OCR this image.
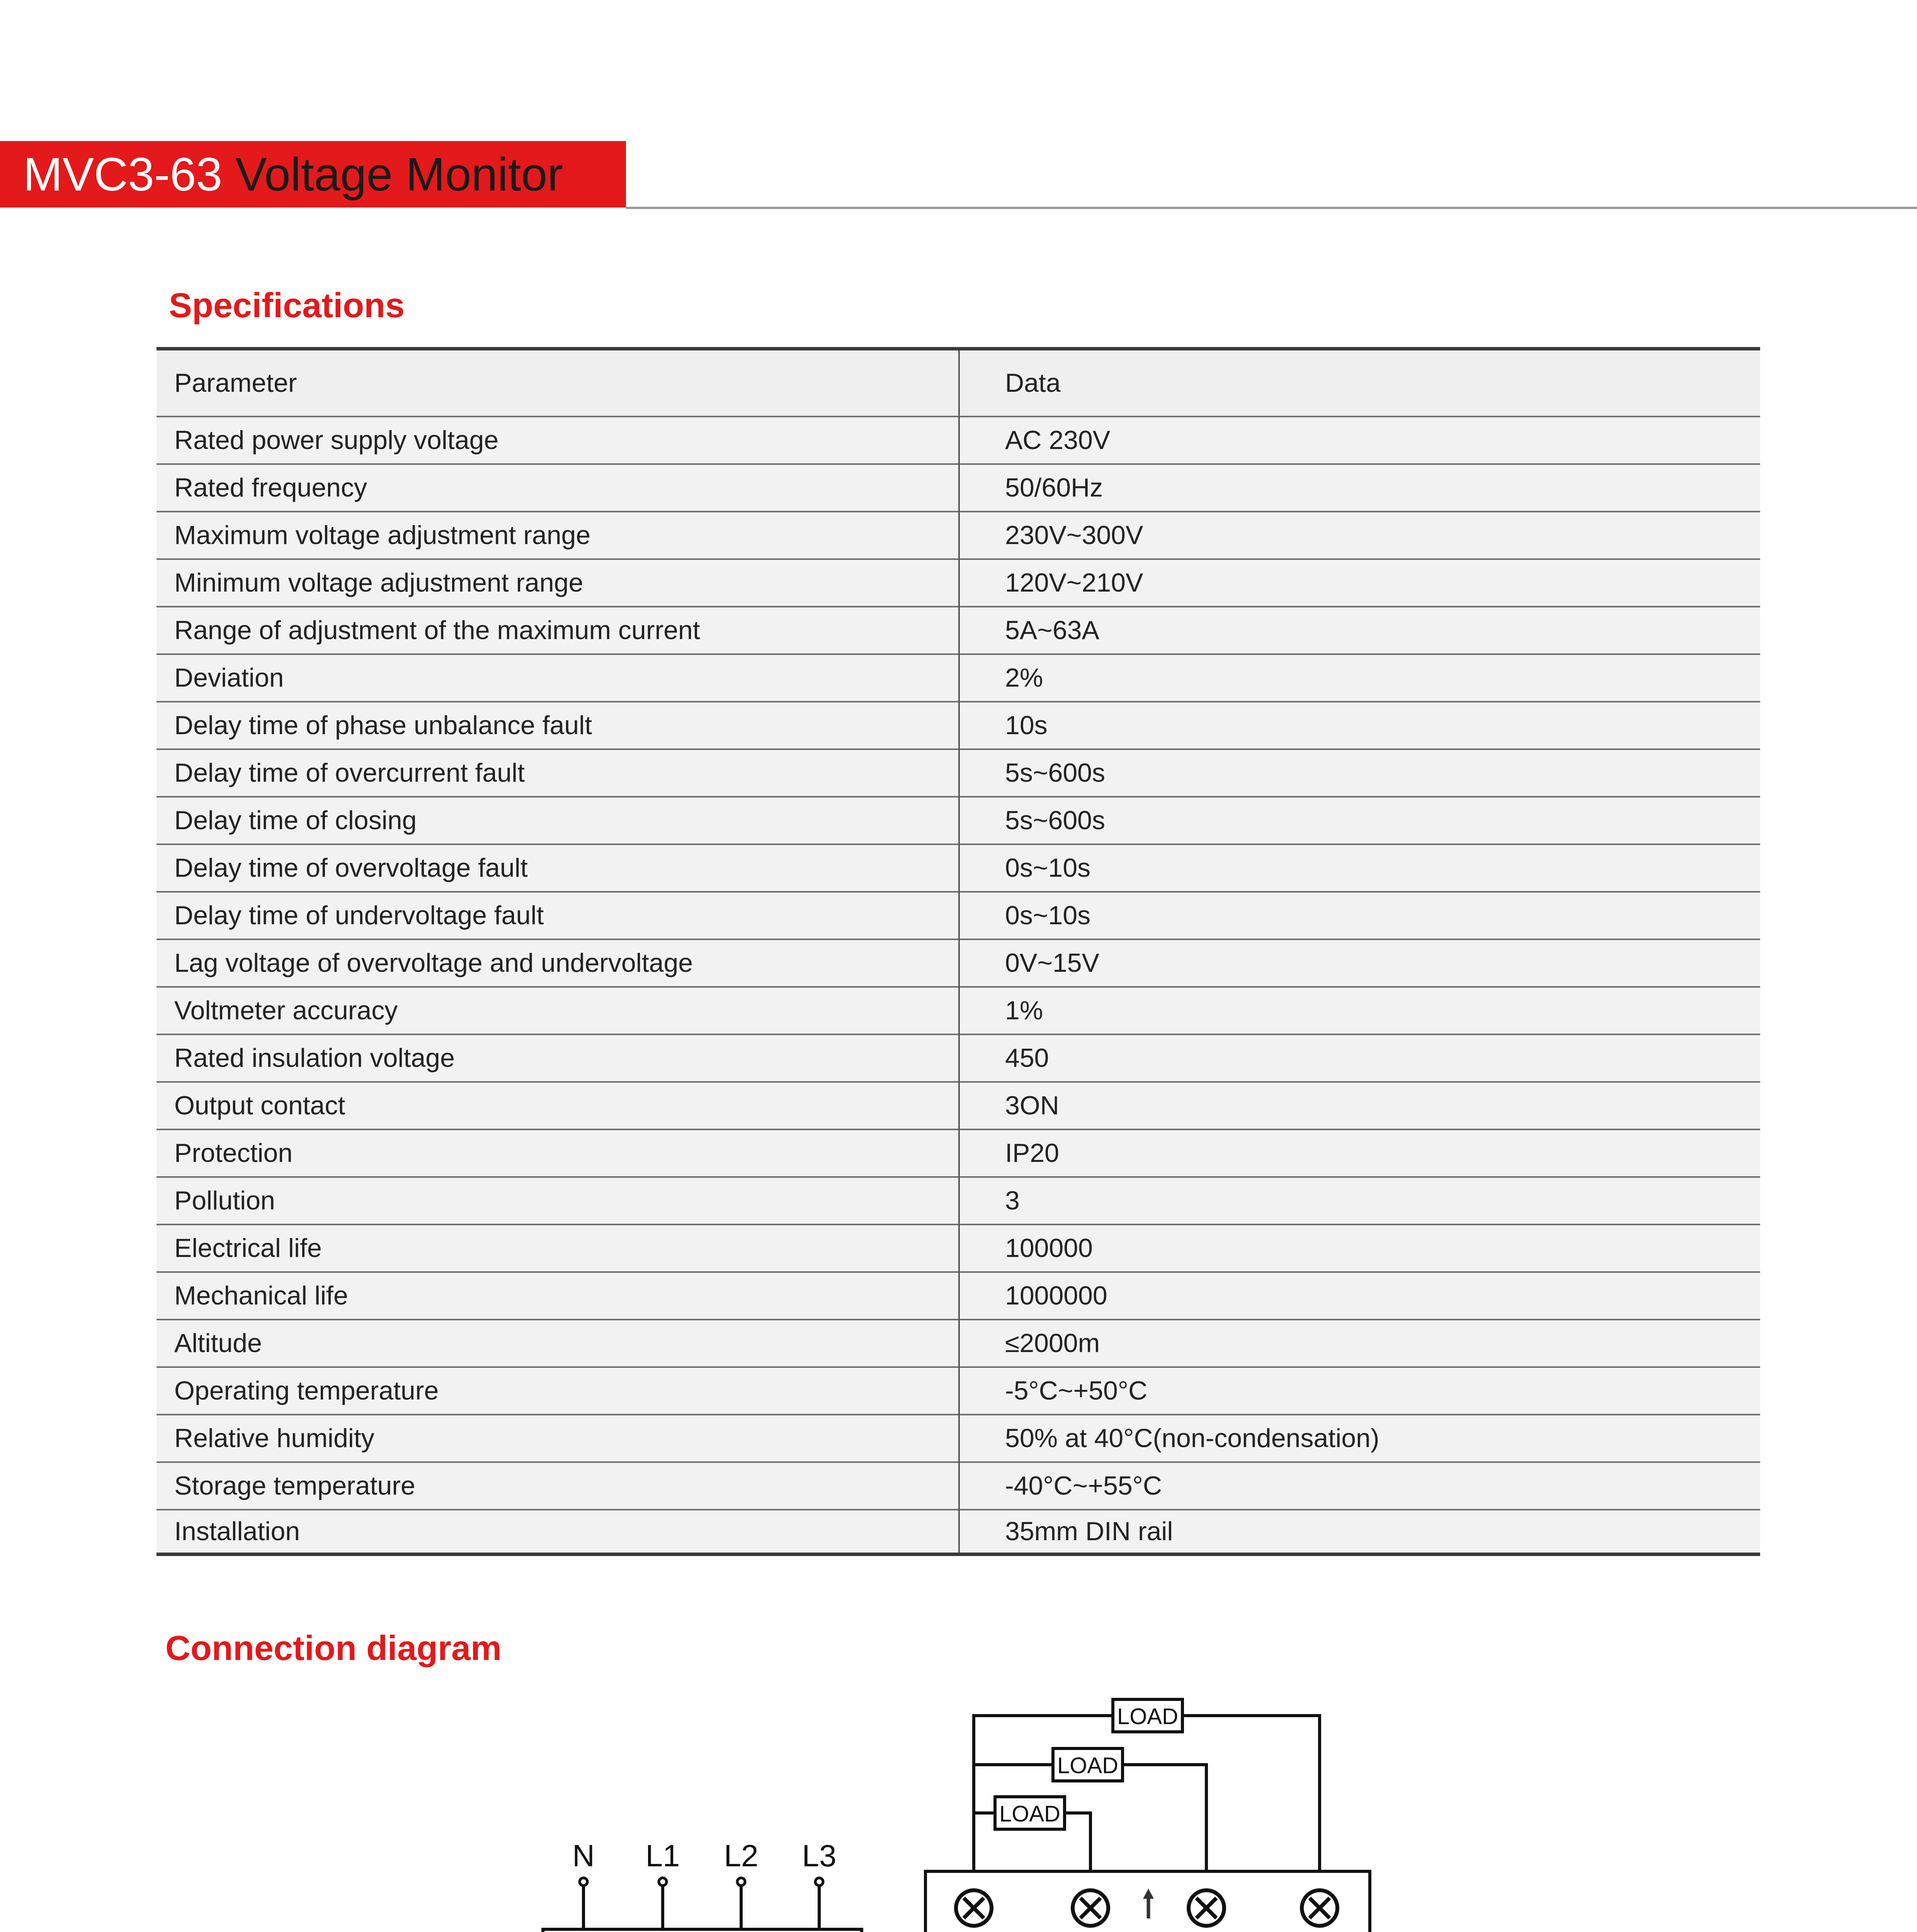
MVC3-63 Voltage Monitor
Specifications
Parameter	Data
Rated power supply voltage	AC 230V
Rated frequency	50/60Hz
Maximum voltage adjustment range	230V~300V
Minimum voltage adjustment range	120V~210V
Range of adjustment of the maximum current	5A~63A
Deviation	2%
Delay time of phase unbalance fault	10s
Delay time of overcurrent fault	5s~600s
Delay time of closing	5s~600s
Delay time of overvoltage fault	0s~10s
Delay time of undervoltage fault	0s~10s
Lag voltage of overvoltage and undervoltage	0V~15V
Voltmeter accuracy	1%
Rated insulation voltage	450
Output contact	3ON
Protection	IP20
Pollution	3
Electrical life	100000
Mechanical life	1000000
Altitude	≤2000m
Operating temperature	-5°C~+50°C
Relative humidity	50% at 40°C(non-condensation)
Storage temperature	-40°C~+55°C
Installation	35mm DIN rail
Connection diagram
N L1 L2 L3
LOAD
LOAD
LOAD
